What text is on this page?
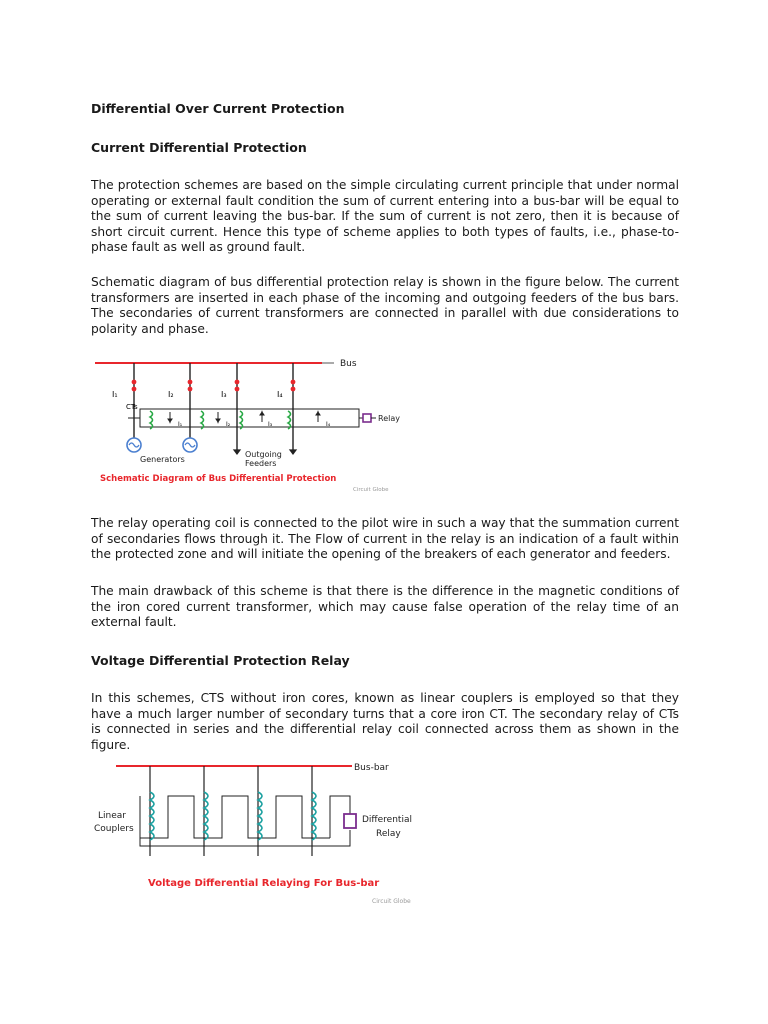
Differential Over Current Protection
Current Differential Protection

The protection schemes are based on the simple circulating current principle that under normal operating or external fault condition the sum of current entering into a bus-bar will be equal to the sum of current leaving the bus-bar. If the sum of current is not zero, then it is because of short circuit current. Hence this type of scheme applies to both types of faults, i.e., phase-to-phase fault as well as ground fault.

Schematic diagram of bus differential protection relay is shown in the figure below. The current transformers are inserted in each phase of the incoming and outgoing feeders of the bus bars. The secondaries of current transformers are connected in parallel with due considerations to polarity and phase.

Bus
I₁	I₂	I₃	I₄
CTs
I₁	I₂	I₃	I₄
Relay
Generators
Outgoing
Feeders
Schematic Diagram of Bus Differential Protection
Circuit Globe

The relay operating coil is connected to the pilot wire in such a way that the summation current of secondaries flows through it. The Flow of current in the relay is an indication of a fault within the protected zone and will initiate the opening of the breakers of each generator and feeders.

The main drawback of this scheme is that there is the difference in the magnetic conditions of the iron cored current transformer, which may cause false operation of the relay time of an external fault.

Voltage Differential Protection Relay

In this schemes, CTS without iron cores, known as linear couplers is employed so that they have a much larger number of secondary turns that a core iron CT. The secondary relay of CTs is connected in series and the differential relay coil connected across them as shown in the figure.

Bus-bar
Linear
Couplers
Differential
Relay
Voltage Differential Relaying For Bus-bar
Circuit Globe
